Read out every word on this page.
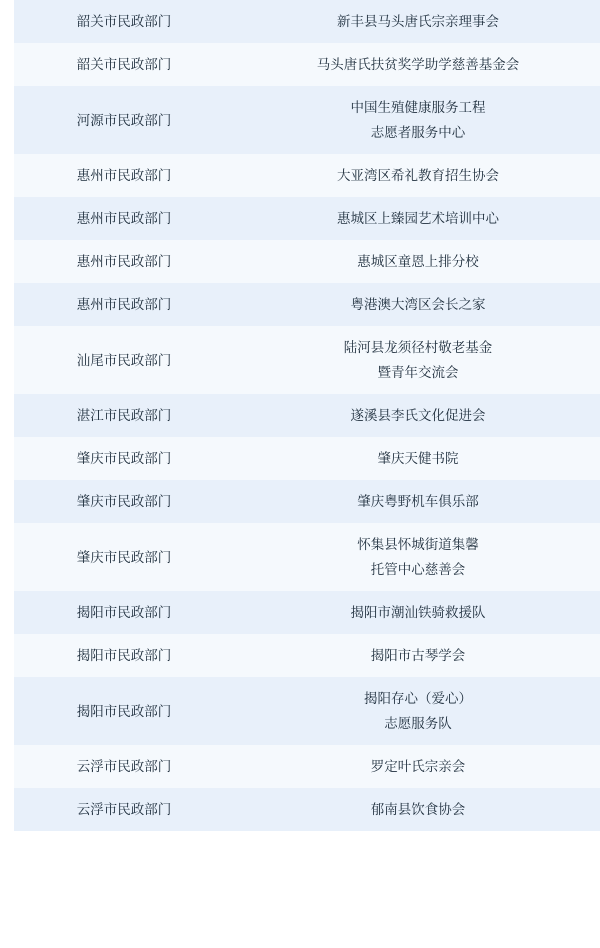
韶关市民政部门	新丰县马头唐氏宗亲理事会

韶关市民政部门	马头唐氏扶贫奖学助学慈善基金会

河源市民政部门	中国生殖健康服务工程
志愿者服务中心

惠州市民政部门	大亚湾区希礼教育招生协会

惠州市民政部门	惠城区上臻园艺术培训中心

惠州市民政部门	惠城区童恩上排分校

惠州市民政部门	粤港澳大湾区会长之家

汕尾市民政部门	陆河县龙须径村敬老基金
暨青年交流会

湛江市民政部门	遂溪县李氏文化促进会

肇庆市民政部门	肇庆天健书院

肇庆市民政部门	肇庆粤野机车俱乐部

肇庆市民政部门	怀集县怀城街道集馨
托管中心慈善会

揭阳市民政部门	揭阳市潮汕铁骑救援队

揭阳市民政部门	揭阳市古琴学会

揭阳市民政部门	揭阳存心（爱心）
志愿服务队

云浮市民政部门	罗定叶氏宗亲会

云浮市民政部门	郁南县饮食协会
